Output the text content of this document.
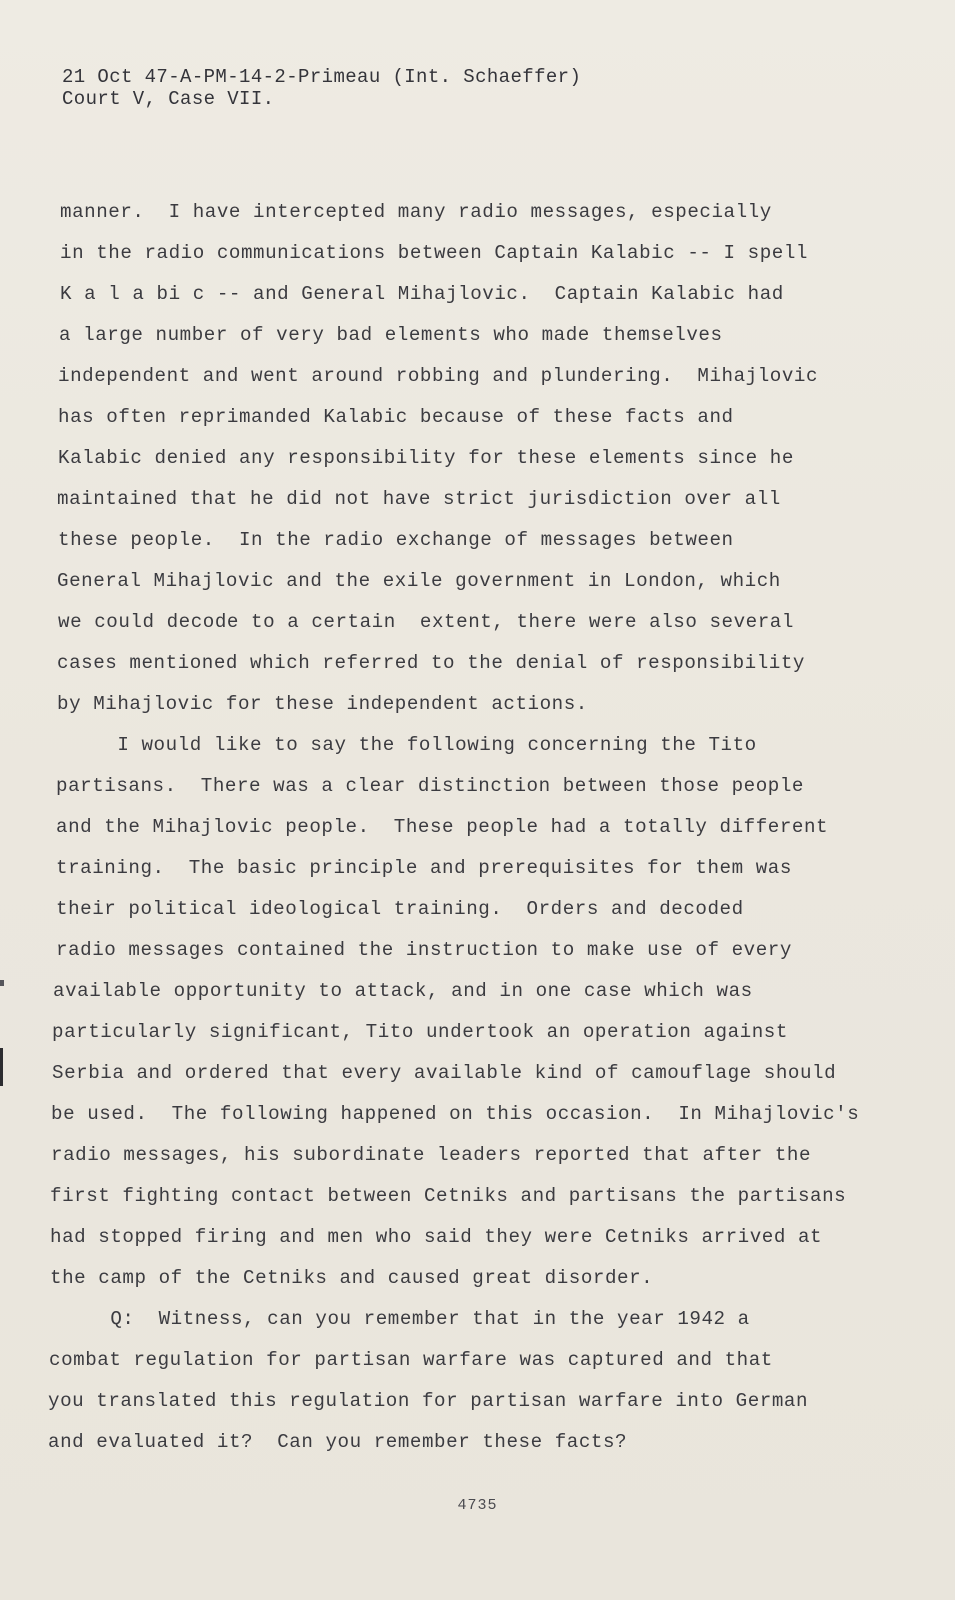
21 Oct 47-A-PM-14-2-Primeau (Int. Schaeffer)
Court V, Case VII.
manner.  I have intercepted many radio messages, especially
in the radio communications between Captain Kalabic -- I spell
K a l a bi c -- and General Mihajlovic.  Captain Kalabic had
a large number of very bad elements who made themselves
independent and went around robbing and plundering.  Mihajlovic
has often reprimanded Kalabic because of these facts and
Kalabic denied any responsibility for these elements since he
maintained that he did not have strict jurisdiction over all
these people.  In the radio exchange of messages between
General Mihajlovic and the exile government in London, which
we could decode to a certain  extent, there were also several
cases mentioned which referred to the denial of responsibility
by Mihajlovic for these independent actions.
I would like to say the following concerning the Tito
partisans.  There was a clear distinction between those people
and the Mihajlovic people.  These people had a totally different
training.  The basic principle and prerequisites for them was
their political ideological training.  Orders and decoded
radio messages contained the instruction to make use of every
available opportunity to attack, and in one case which was
particularly significant, Tito undertook an operation against
Serbia and ordered that every available kind of camouflage should
be used.  The following happened on this occasion.  In Mihajlovic's
radio messages, his subordinate leaders reported that after the
first fighting contact between Cetniks and partisans the partisans
had stopped firing and men who said they were Cetniks arrived at
the camp of the Cetniks and caused great disorder.
Q:  Witness, can you remember that in the year 1942 a
combat regulation for partisan warfare was captured and that
you translated this regulation for partisan warfare into German
and evaluated it?  Can you remember these facts?
4735
